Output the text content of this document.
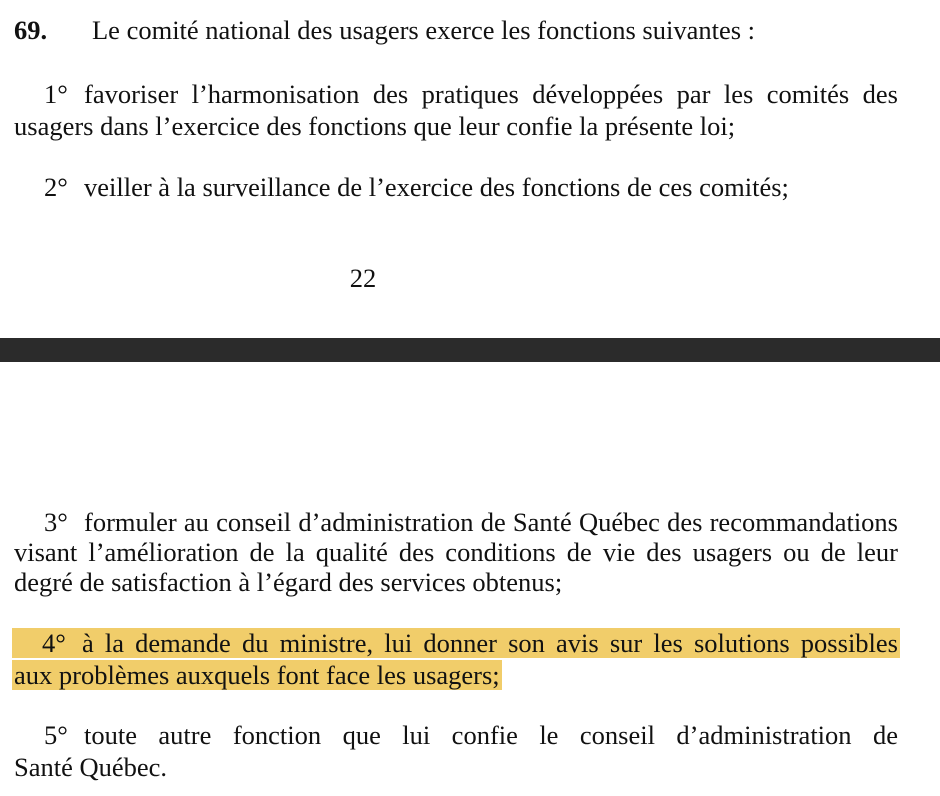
69. Le comité national des usagers exerce les fonctions suivantes :
1° favoriser l’harmonisation des pratiques développées par les comités des
usagers dans l’exercice des fonctions que leur confie la présente loi;
2° veiller à la surveillance de l’exercice des fonctions de ces comités;
22
3° formuler au conseil d’administration de Santé Québec des recommandations
visant l’amélioration de la qualité des conditions de vie des usagers ou de leur
degré de satisfaction à l’égard des services obtenus;
4° à la demande du ministre, lui donner son avis sur les solutions possibles
aux problèmes auxquels font face les usagers;
5° toute autre fonction que lui confie le conseil d’administration de
Santé Québec.
